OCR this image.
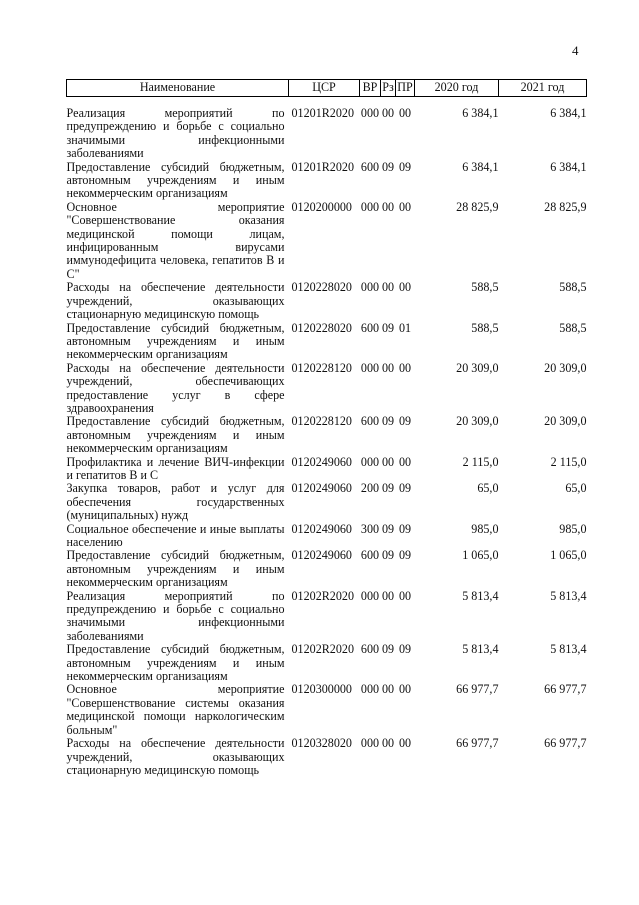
4
Наименование	ЦСР	ВР	Рз	ПР	2020 год	2021 год

Реализация мероприятий по предупреждению и борьбе с социально значимыми инфекционными заболеваниями	01201R2020	000	00	00	6 384,1	6 384,1
Предоставление субсидий бюджетным, автономным учреждениям и иным некоммерческим организациям	01201R2020	600	09	09	6 384,1	6 384,1
Основное мероприятие "Совершенствование оказания медицинской помощи лицам, инфицированным вирусами иммунодефицита человека, гепатитов В и С"	0120200000	000	00	00	28 825,9	28 825,9
Расходы на обеспечение деятельности учреждений, оказывающих стационарную медицинскую помощь	0120228020	000	00	00	588,5	588,5
Предоставление субсидий бюджетным, автономным учреждениям и иным некоммерческим организациям	0120228020	600	09	01	588,5	588,5
Расходы на обеспечение деятельности учреждений, обеспечивающих предоставление услуг в сфере здравоохранения	0120228120	000	00	00	20 309,0	20 309,0
Предоставление субсидий бюджетным, автономным учреждениям и иным некоммерческим организациям	0120228120	600	09	09	20 309,0	20 309,0
Профилактика и лечение ВИЧ-инфекции и гепатитов В и С	0120249060	000	00	00	2 115,0	2 115,0
Закупка товаров, работ и услуг для обеспечения государственных (муниципальных) нужд	0120249060	200	09	09	65,0	65,0
Социальное обеспечение и иные выплаты населению	0120249060	300	09	09	985,0	985,0
Предоставление субсидий бюджетным, автономным учреждениям и иным некоммерческим организациям	0120249060	600	09	09	1 065,0	1 065,0
Реализация мероприятий по предупреждению и борьбе с социально значимыми инфекционными заболеваниями	01202R2020	000	00	00	5 813,4	5 813,4
Предоставление субсидий бюджетным, автономным учреждениям и иным некоммерческим организациям	01202R2020	600	09	09	5 813,4	5 813,4
Основное мероприятие "Совершенствование системы оказания медицинской помощи наркологическим больным"	0120300000	000	00	00	66 977,7	66 977,7
Расходы на обеспечение деятельности учреждений, оказывающих стационарную медицинскую помощь	0120328020	000	00	00	66 977,7	66 977,7
